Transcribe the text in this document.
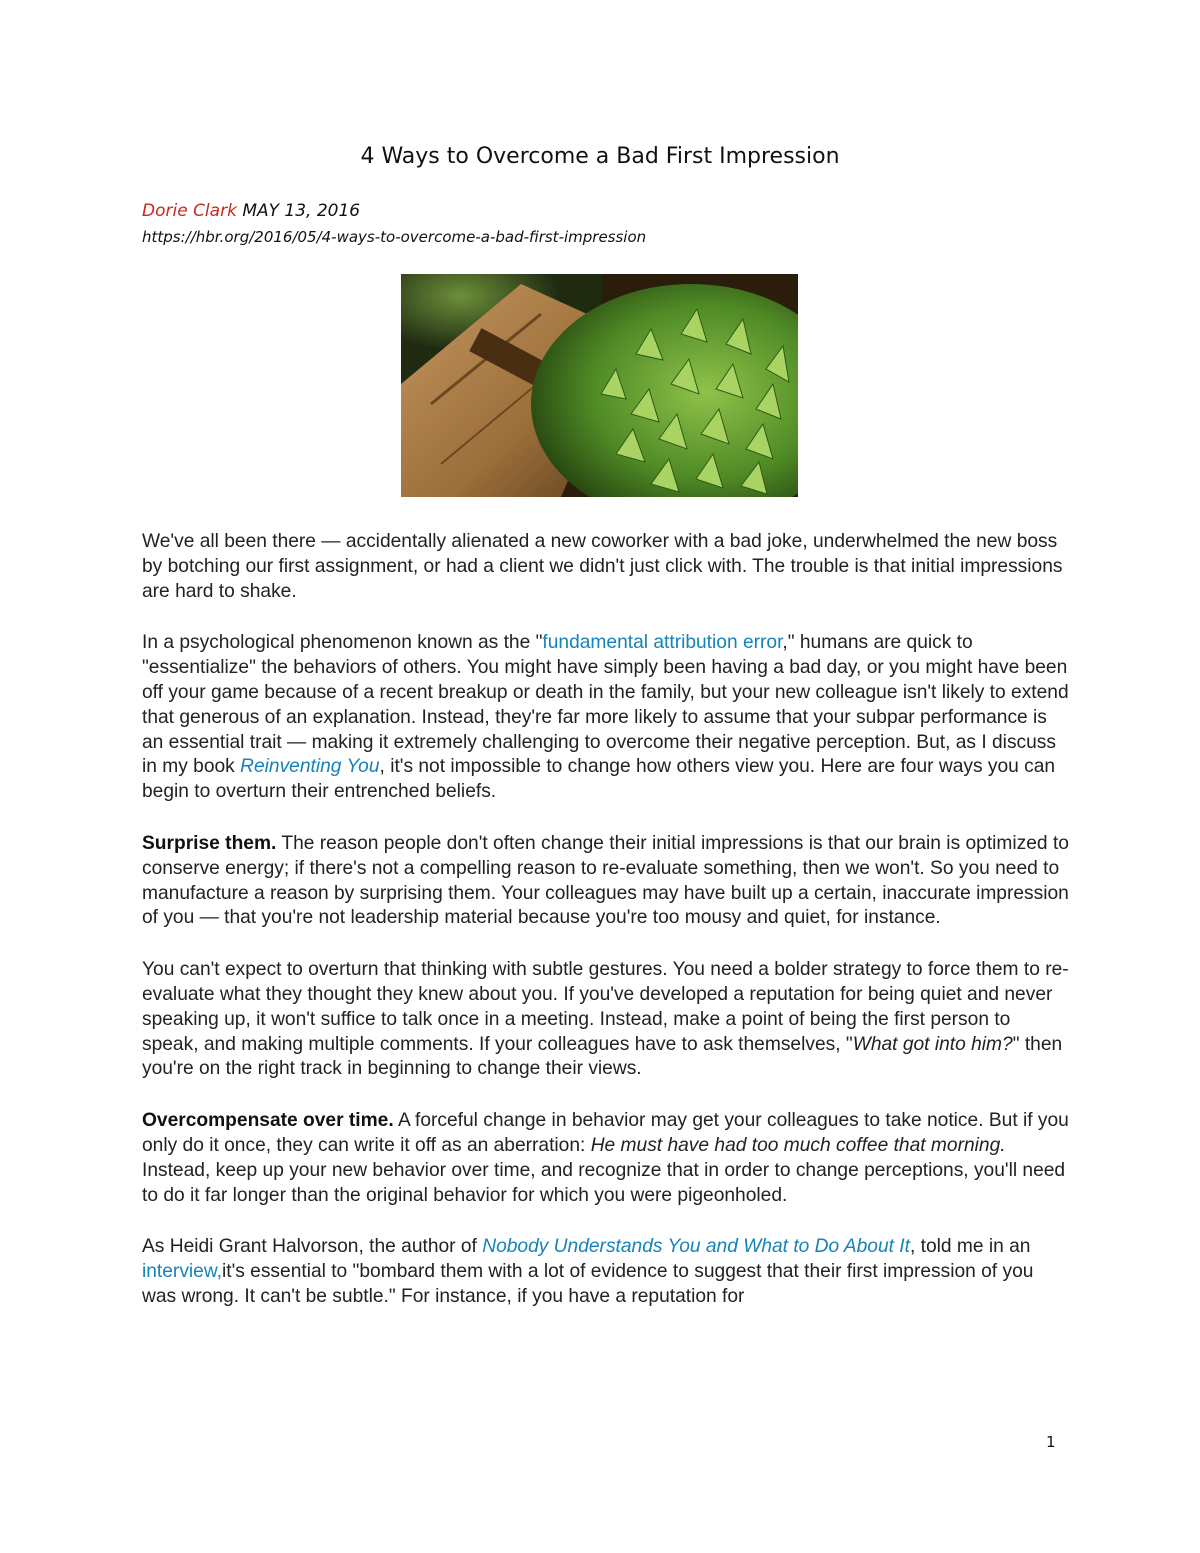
4 Ways to Overcome a Bad First Impression
Dorie Clark MAY 13, 2016
https://hbr.org/2016/05/4-ways-to-overcome-a-bad-first-impression

We've all been there — accidentally alienated a new coworker with a bad joke, underwhelmed the new boss by botching our first assignment, or had a client we didn't just click with. The trouble is that initial impressions are hard to shake.

In a psychological phenomenon known as the "fundamental attribution error," humans are quick to "essentialize" the behaviors of others. You might have simply been having a bad day, or you might have been off your game because of a recent breakup or death in the family, but your new colleague isn't likely to extend that generous of an explanation. Instead, they're far more likely to assume that your subpar performance is an essential trait — making it extremely challenging to overcome their negative perception. But, as I discuss in my book Reinventing You, it's not impossible to change how others view you. Here are four ways you can begin to overturn their entrenched beliefs.

Surprise them. The reason people don't often change their initial impressions is that our brain is optimized to conserve energy; if there's not a compelling reason to re-evaluate something, then we won't. So you need to manufacture a reason by surprising them. Your colleagues may have built up a certain, inaccurate impression of you — that you're not leadership material because you're too mousy and quiet, for instance.

You can't expect to overturn that thinking with subtle gestures. You need a bolder strategy to force them to re-evaluate what they thought they knew about you. If you've developed a reputation for being quiet and never speaking up, it won't suffice to talk once in a meeting. Instead, make a point of being the first person to speak, and making multiple comments. If your colleagues have to ask themselves, "What got into him?" then you're on the right track in beginning to change their views.

Overcompensate over time. A forceful change in behavior may get your colleagues to take notice. But if you only do it once, they can write it off as an aberration: He must have had too much coffee that morning. Instead, keep up your new behavior over time, and recognize that in order to change perceptions, you'll need to do it far longer than the original behavior for which you were pigeonholed.

As Heidi Grant Halvorson, the author of Nobody Understands You and What to Do About It, told me in an interview,it's essential to "bombard them with a lot of evidence to suggest that their first impression of you was wrong. It can't be subtle." For instance, if you have a reputation for

1
